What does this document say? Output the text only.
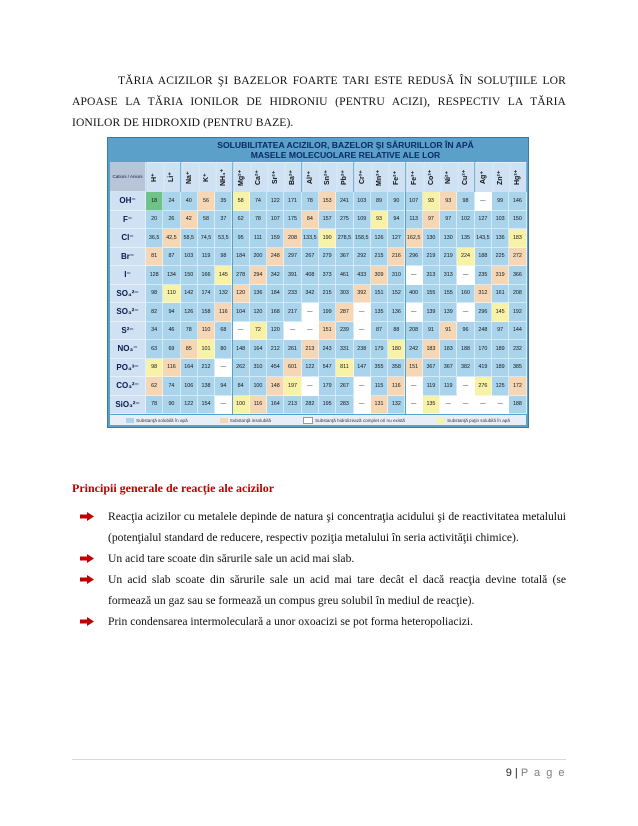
TĂRIA ACIZILOR ŞI BAZELOR FOARTE TARI ESTE REDUSĂ ÎN SOLUŢIILE LOR APOASE LA TĂRIA IONILOR DE HIDRONIU (PENTRU ACIZI), RESPECTIV LA TĂRIA IONILOR DE HIDROXID (PENTRU BAZE).

SOLUBILITATEA ACIZILOR, BAZELOR ŞI SĂRURILLOR ÎN APĂ
MASELE MOLECUOLARE RELATIVE ALE LOR
Cationi / Anioni	H⁺	Li⁺	Na⁺	K⁺	NH₄⁺	Mg²⁺	Ca²⁺	Sr²⁺	Ba²⁺	Al³⁺	Sn²⁺	Pb²⁺	Cr³⁺	Mn²⁺	Fe²⁺	Fe³⁺	Co²⁺	Ni²⁺	Cu²⁺	Ag⁺	Zn²⁺	Hg²⁺
OH⁻	18	24	40	56	35	58	74	122	171	78	153	241	103	89	90	107	93	93	98	—	99	146
F⁻	20	26	42	58	37	62	78	107	175	84	157	275	109	93	94	113	97	97	102	127	103	150
Cl⁻	36,5	42,5	58,5	74,5	53,5	95	111	159	208	133,5	190	278,5 158,5	126	127	162,5	130	130	135	143,5	136	183
Br⁻	81	87	103	119	98	184	200	248	297	267	279	367	292	215	216	296	219	219	224	188	225	272
I⁻	128	134	150	166	145	278	294	342	391	408	373	461	433	309	310	—	313	313	—	235	319	366
SO₄²⁻	98	110	142	174	132	120	136	184	233	342	215	303	392	151	152	400	155	155	160	312	161	208
SO₃²⁻	82	94	126	158	116	104	120	168	217	—	199	287	—	135	136	—	139	139	—	296	145	192
S²⁻	34	46	78	110	68	—	72	120	—	—	151	239	—	87	88	208	91	91	96	248	97	144
NO₃⁻	63	69	85	101	80	148	164	212	261	213	243	331	238	179	180	242	183	183	188	170	189	232
PO₄³⁻	98	116	164	212	—	262	310	454	601	122	547	811	147	355	358	151	367	367	382	419	189	385
CO₃²⁻	62	74	106	138	94	84	100	148	197	—	179	267	—	115	116	—	119	119	—	276	125	172
SiO₃²⁻	78	90	122	154	—	100	116	164	213	282	195	283	—	131	132	—	135	—	—	—	—	188
Substanţă solubilă în apă	Substanţă insolubilă	Substanţă hidrolizează complet ori nu există	Substanţă puţin solubilă în apă
Principii generale de reacţie ale acizilor
Reacţia acizilor cu metalele depinde de natura şi concentraţia acidului şi de reactivitatea metalului (potenţialul standard de reducere, respectiv poziţia metalului în seria activităţii chimice).
Un acid tare scoate din sărurile sale un acid mai slab.
Un acid slab scoate din sărurile sale un acid mai tare decât el dacă reacţia devine totală (se formează un gaz sau se formează un compus greu solubil în mediul de reacţie).
Prin condensarea intermoleculară a unor oxoacizi se pot forma heteropoliacizi.
9 | P a g e
